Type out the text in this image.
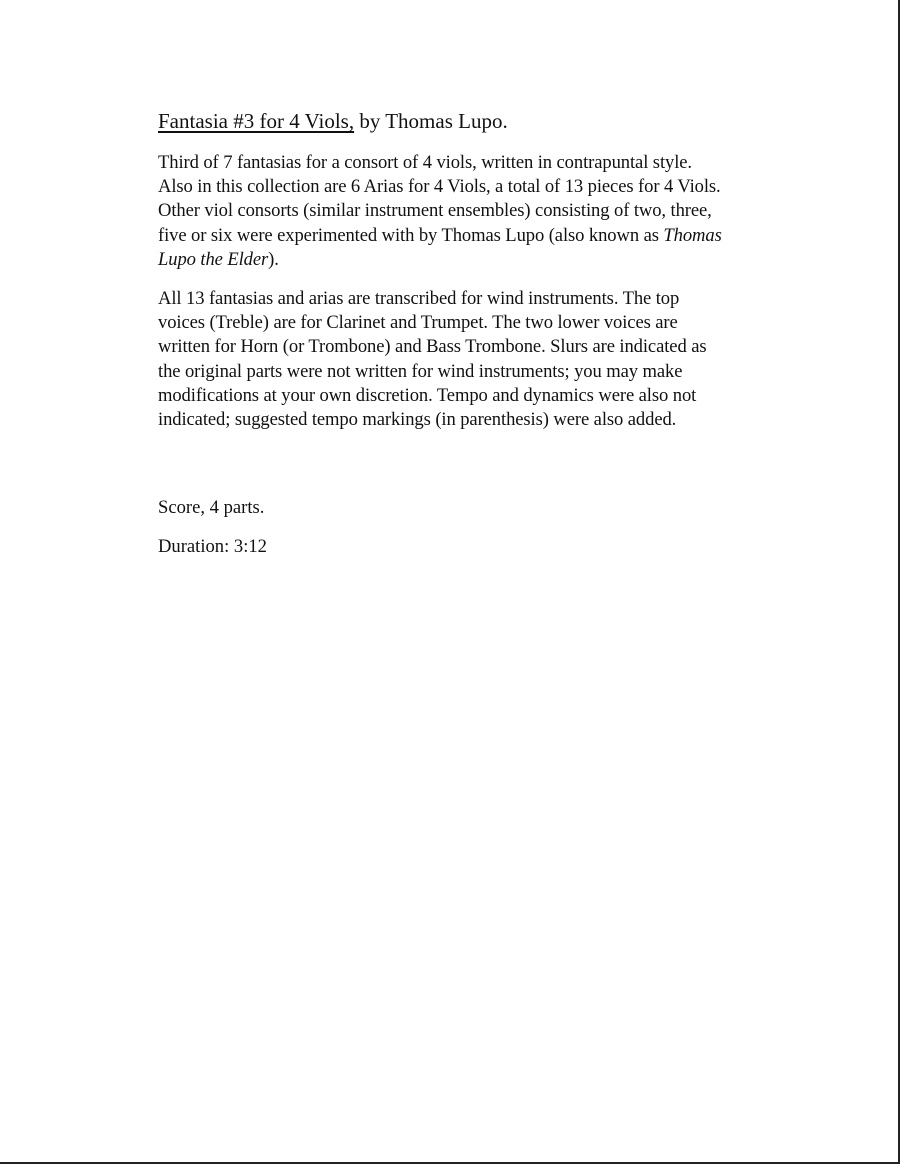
Fantasia #3 for 4 Viols, by Thomas Lupo.

Third of 7 fantasias for a consort of 4 viols, written in contrapuntal style.
Also in this collection are 6 Arias for 4 Viols, a total of 13 pieces for 4 Viols.
Other viol consorts (similar instrument ensembles) consisting of two, three,
five or six were experimented with by Thomas Lupo (also known as Thomas
Lupo the Elder).

All 13 fantasias and arias are transcribed for wind instruments. The top
voices (Treble) are for Clarinet and Trumpet. The two lower voices are
written for Horn (or Trombone) and Bass Trombone. Slurs are indicated as
the original parts were not written for wind instruments; you may make
modifications at your own discretion. Tempo and dynamics were also not
indicated; suggested tempo markings (in parenthesis) were also added.

Score, 4 parts.
Duration: 3:12
